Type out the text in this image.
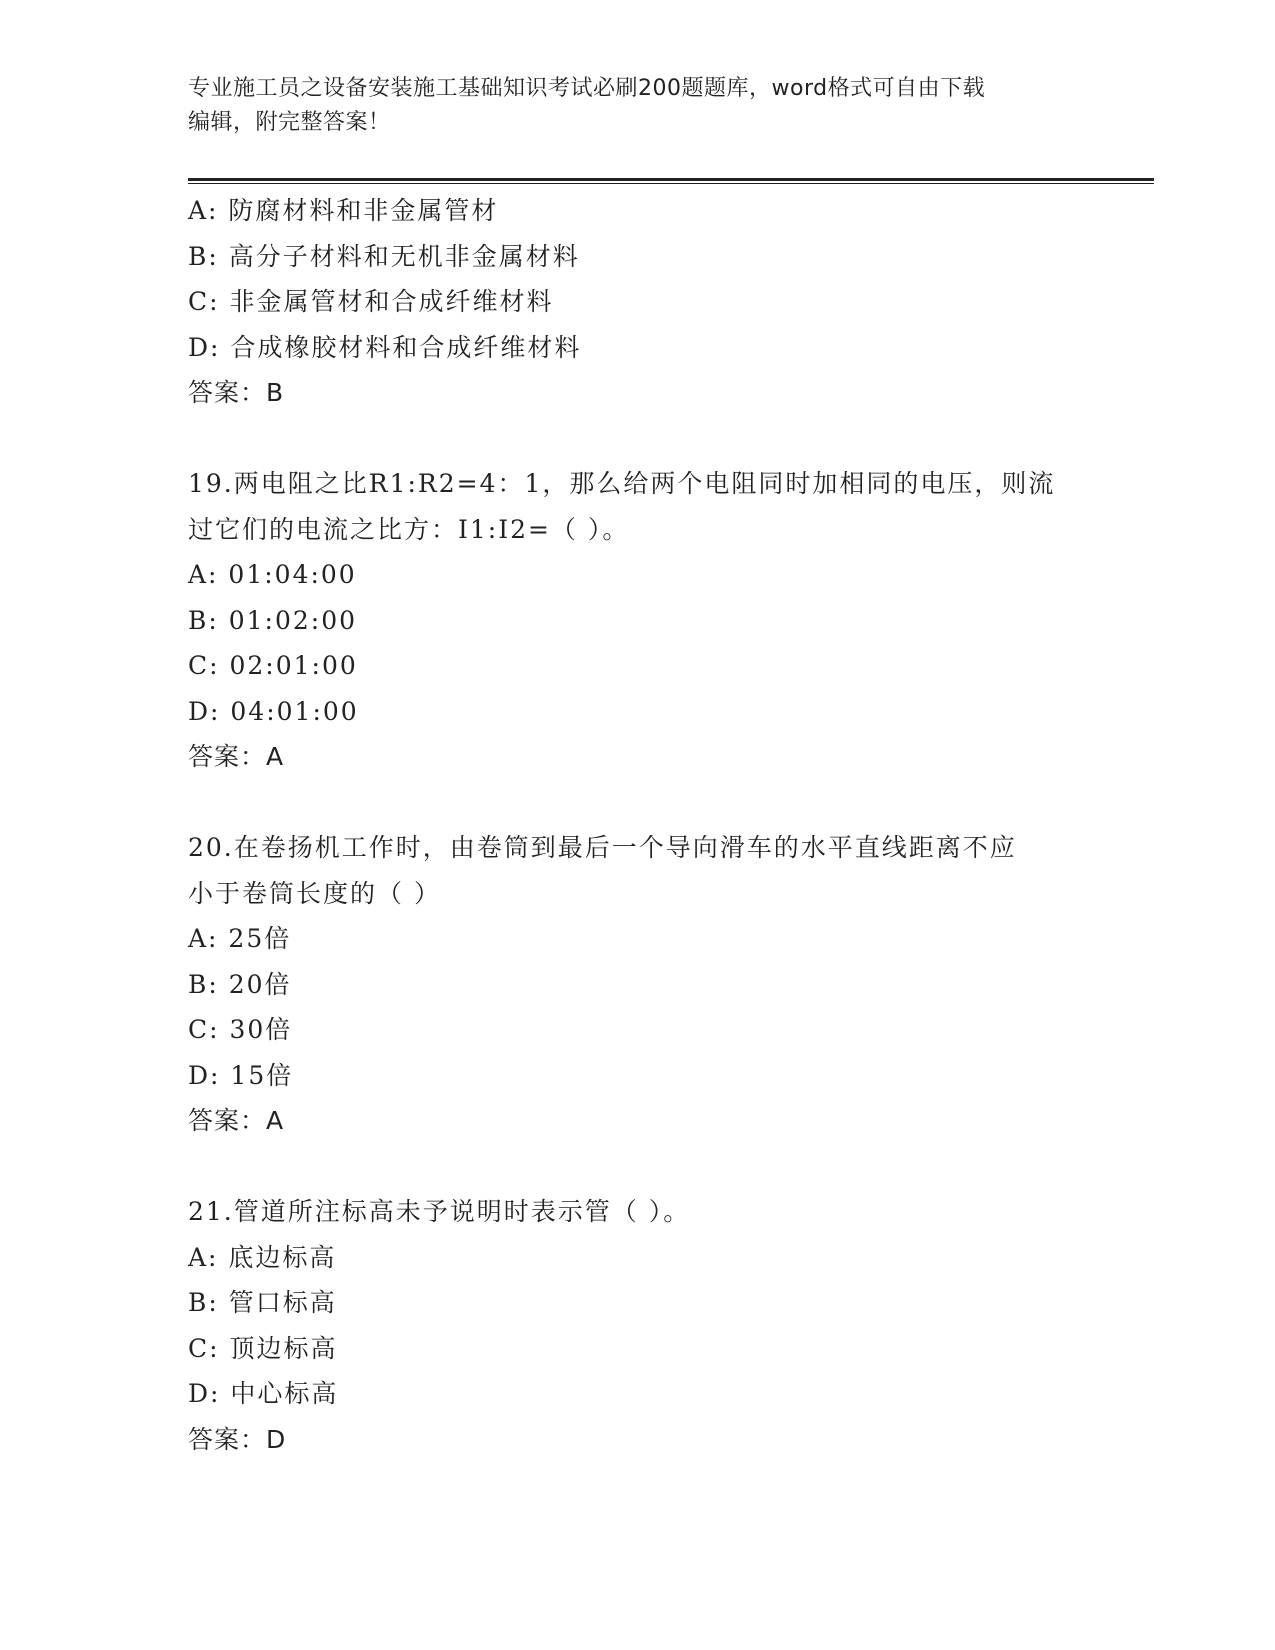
专业施工员之设备安装施工基础知识考试必刷200题题库，word格式可自由下载
编辑，附完整答案！
A: 防腐材料和非金属管材
B: 高分子材料和无机非金属材料
C: 非金属管材和合成纤维材料
D: 合成橡胶材料和合成纤维材料
答案：B
19.两电阻之比R1:R2=4：1，那么给两个电阻同时加相同的电压，则流
过它们的电流之比方：I1:I2=（ ）。
A: 01:04:00
B: 01:02:00
C: 02:01:00
D: 04:01:00
答案：A
20.在卷扬机工作时，由卷筒到最后一个导向滑车的水平直线距离不应
小于卷筒长度的（ ）
A: 25倍
B: 20倍
C: 30倍
D: 15倍
答案：A
21.管道所注标高未予说明时表示管（ ）。
A: 底边标高
B: 管口标高
C: 顶边标高
D: 中心标高
答案：D
